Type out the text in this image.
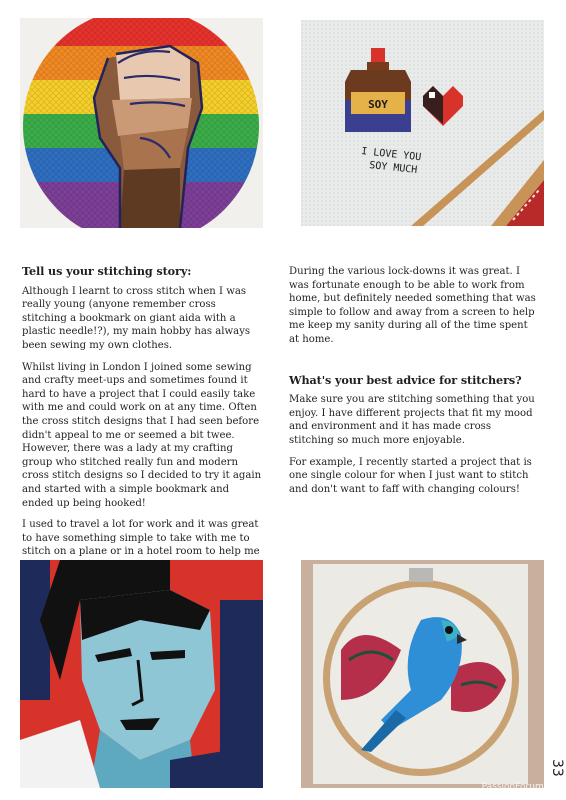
SOY
I LOVE YOU
SOY MUCH
Tell us your stitching story:

Although I learnt to cross stitch when I was really young (anyone remember cross stitching a bookmark on giant aida with a plastic needle!?), my main hobby has always been sewing my own clothes.

Whilst living in London I joined some sewing and crafty meet-ups and sometimes found it hard to have a project that I could easily take with me and could work on at any time. Often the cross stitch designs that I had seen before didn't appeal to me or seemed a bit twee. However, there was a lady at my crafting group who stitched really fun and modern cross stitch designs so I decided to try it again and started with a simple bookmark and ended up being hooked!

I used to travel a lot for work and it was great to have something simple to take with me to stitch on a plane or in a hotel room to help me

During the various lock-downs it was great. I was fortunate enough to be able to work from home, but definitely needed something that was simple to follow and away from a screen to help me keep my sanity during all of the time spent at home.

What's your best advice for stitchers?

Make sure you are stitching something that you enjoy. I have different projects that fit my mood and environment and it has made cross stitching so much more enjoyable.

For example, I recently started a project that is one single colour for when I just want to stitch and don't want to faff with changing colours!

33
PassionForum.ru
